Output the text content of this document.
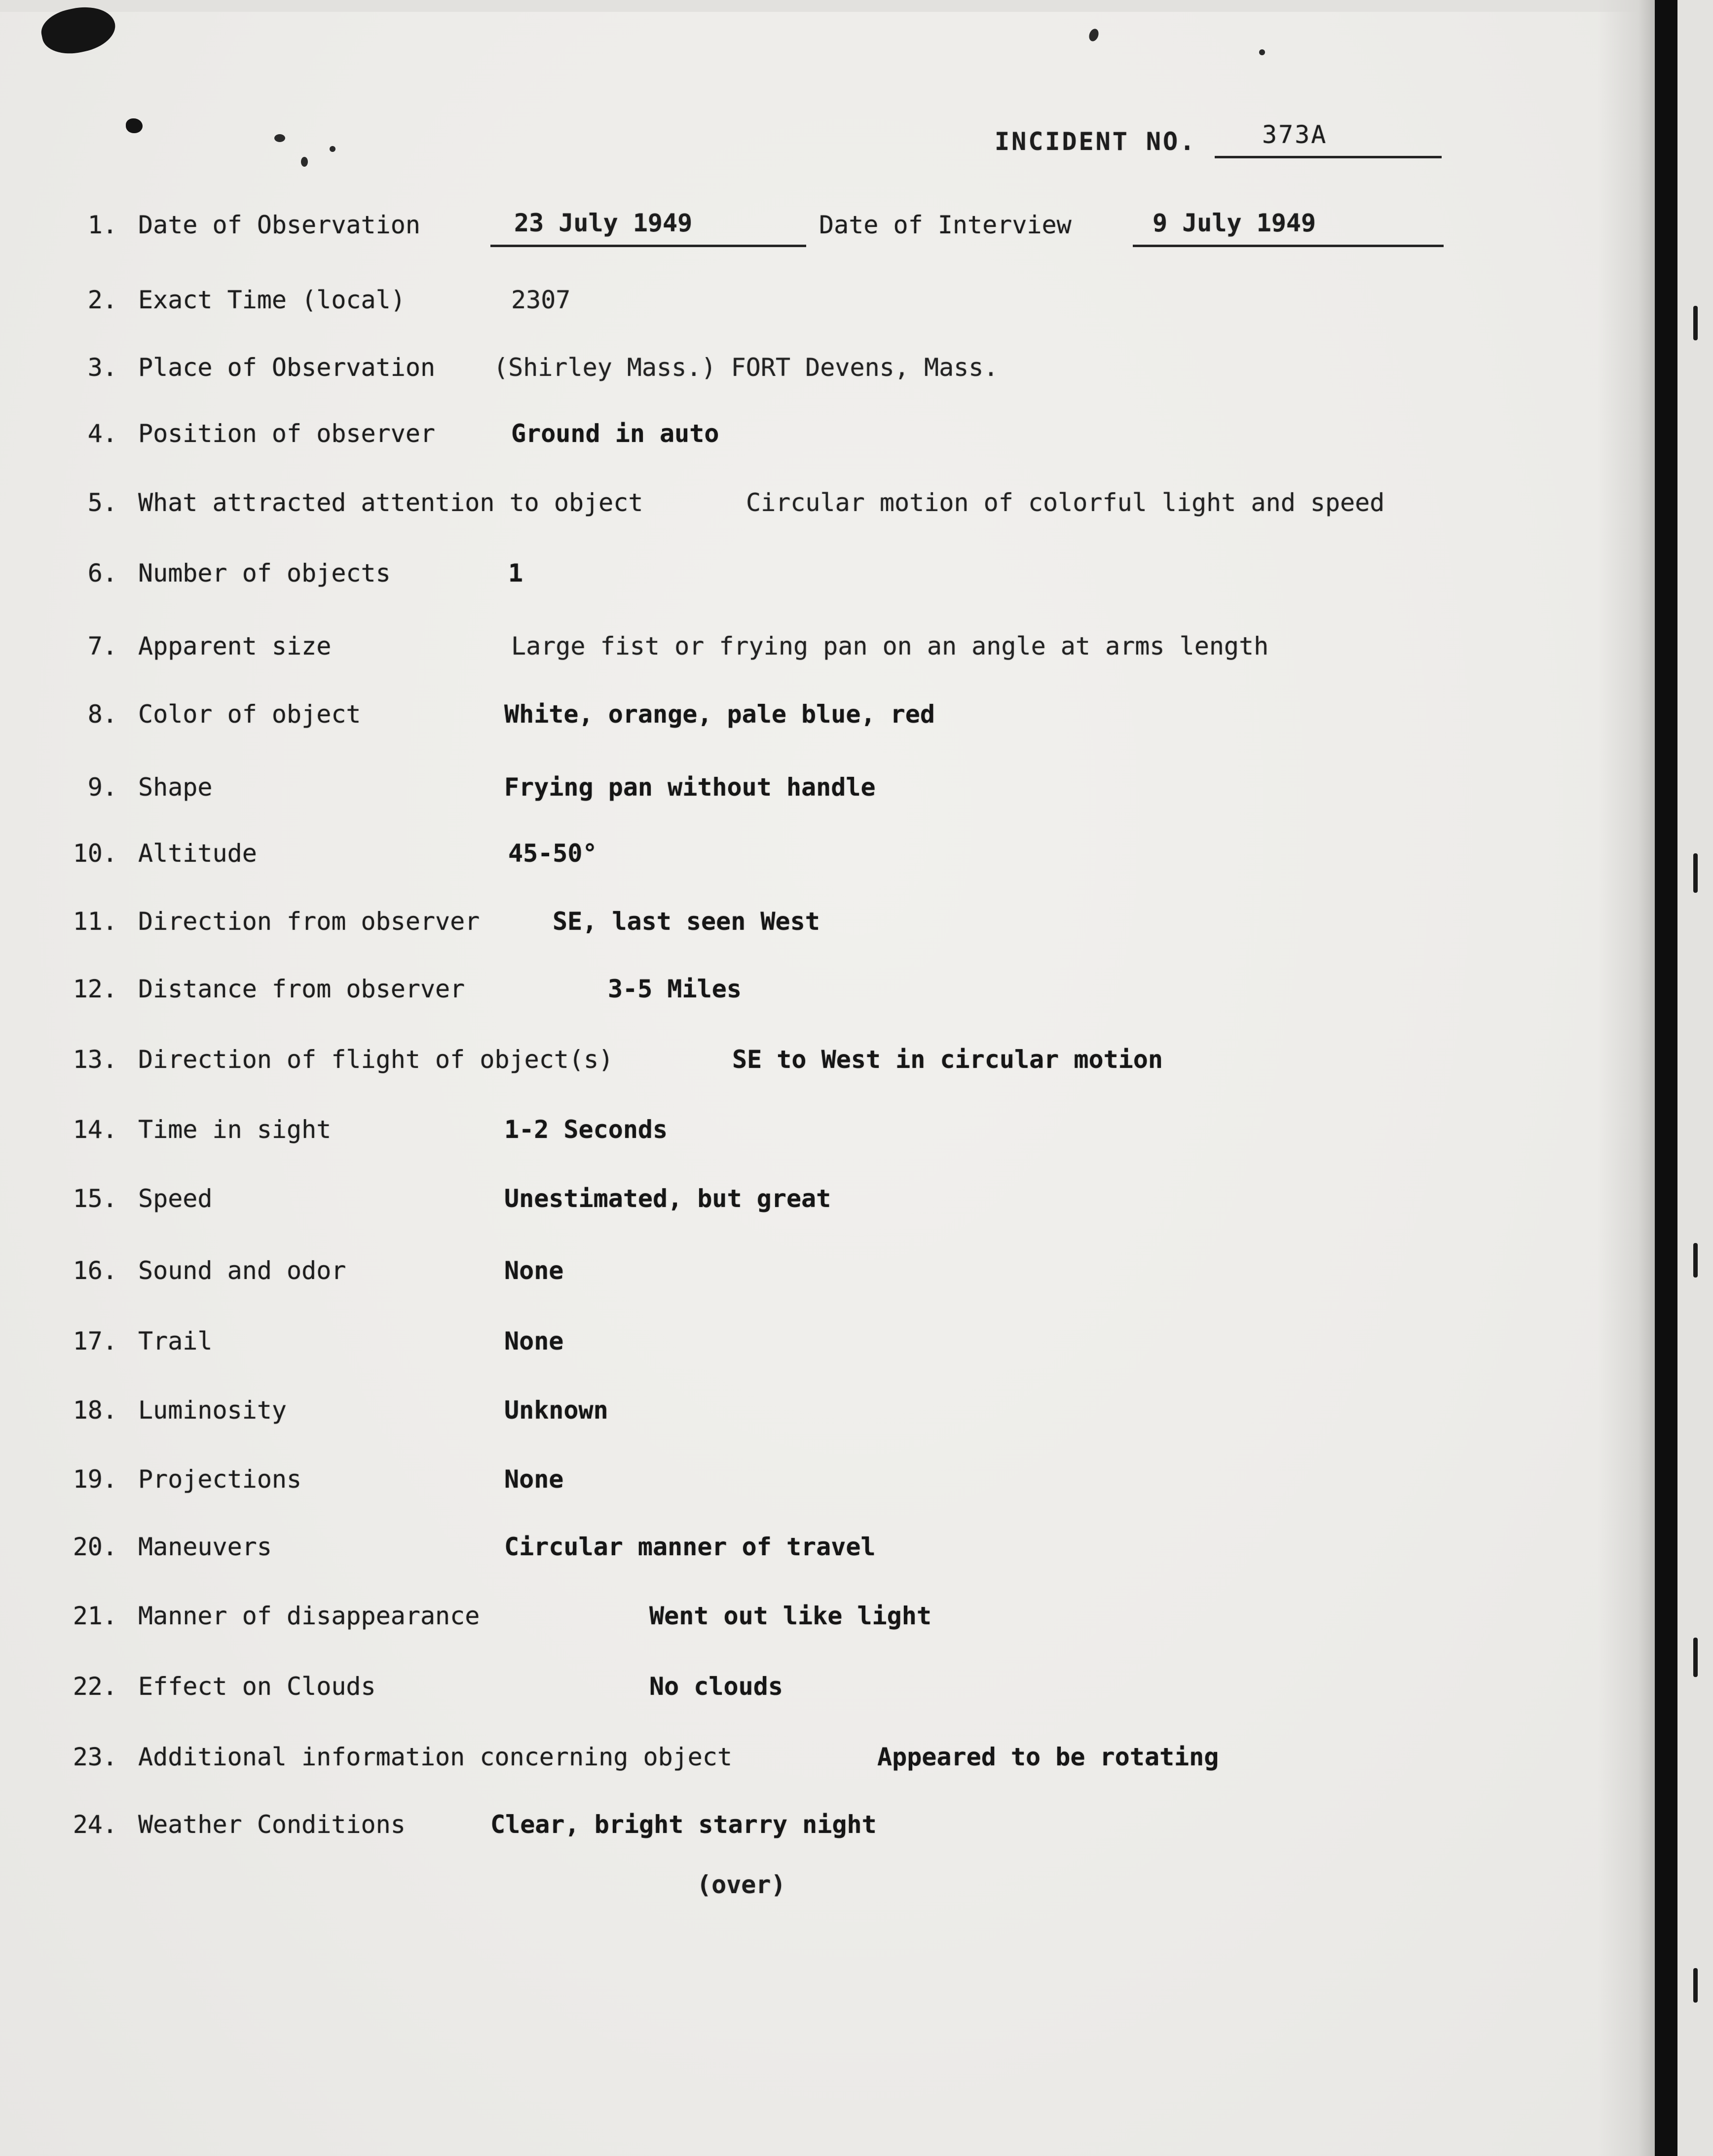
INCIDENT NO.	373A
1. Date of Observation	23 July 1949	Date of Interview	9 July 1949
2. Exact Time (local)	2307
3. Place of Observation (Shirley Mass.) FORT Devens, Mass.
4. Position of observer	Ground in auto
5. What attracted attention to object	Circular motion of colorful light and speed
6. Number of objects	1
7. Apparent size	Large fist or frying pan on an angle at arms length
8. Color of object	White, orange, pale blue, red
9. Shape	Frying pan without handle
10. Altitude	45-50°
11. Direction from observer	SE, last seen West
12. Distance from observer	3-5 Miles
13. Direction of flight of object(s)	SE to West in circular motion
14. Time in sight	1-2 Seconds
15. Speed	Unestimated, but great
16. Sound and odor	None
17. Trail	None
18. Luminosity	Unknown
19. Projections	None
20. Maneuvers	Circular manner of travel
21. Manner of disappearance	Went out like light
22. Effect on Clouds	No clouds
23. Additional information concerning object	Appeared to be rotating
24. Weather Conditions	Clear, bright starry night
(over)
